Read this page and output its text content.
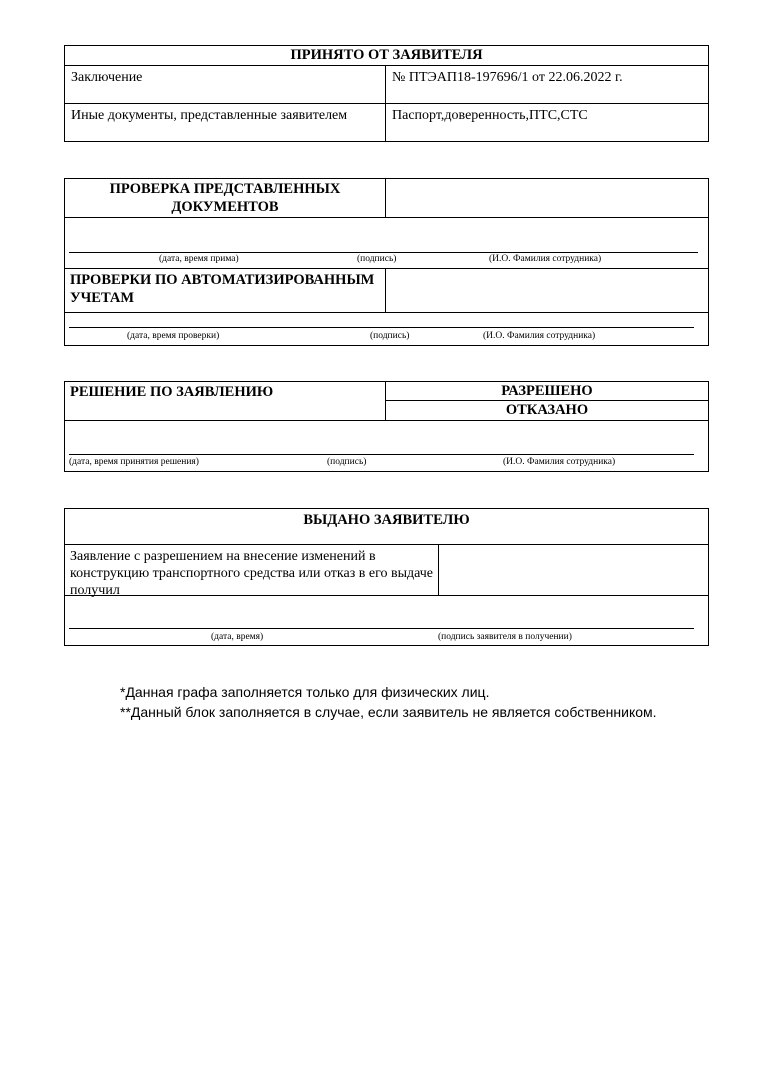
ПРИНЯТО ОТ ЗАЯВИТЕЛЯ
Заключение	№ ПТЭАП18-197696/1 от 22.06.2022 г.
Иные документы, представленные заявителем	Паспорт,доверенность,ПТС,СТС
ПРОВЕРКА ПРЕДСТАВЛЕННЫХ ДОКУМЕНТОВ
(дата, время прима)	(подпись)	(И.О. Фамилия сотрудника)
ПРОВЕРКИ ПО АВТОМАТИЗИРОВАННЫМ УЧЕТАМ
(дата, время проверки)	(подпись)	(И.О. Фамилия сотрудника)
РЕШЕНИЕ ПО ЗАЯВЛЕНИЮ	РАЗРЕШЕНО
ОТКАЗАНО
(дата, время принятия решения)	(подпись)	(И.О. Фамилия сотрудника)
ВЫДАНО ЗАЯВИТЕЛЮ
Заявление с разрешением на внесение изменений в конструкцию транспортного средства или отказ в его выдаче получил
(дата, время)	(подпись заявителя в получении)
*Данная графа заполняется только для физических лиц.
**Данный блок заполняется в случае, если заявитель не является собственником.
